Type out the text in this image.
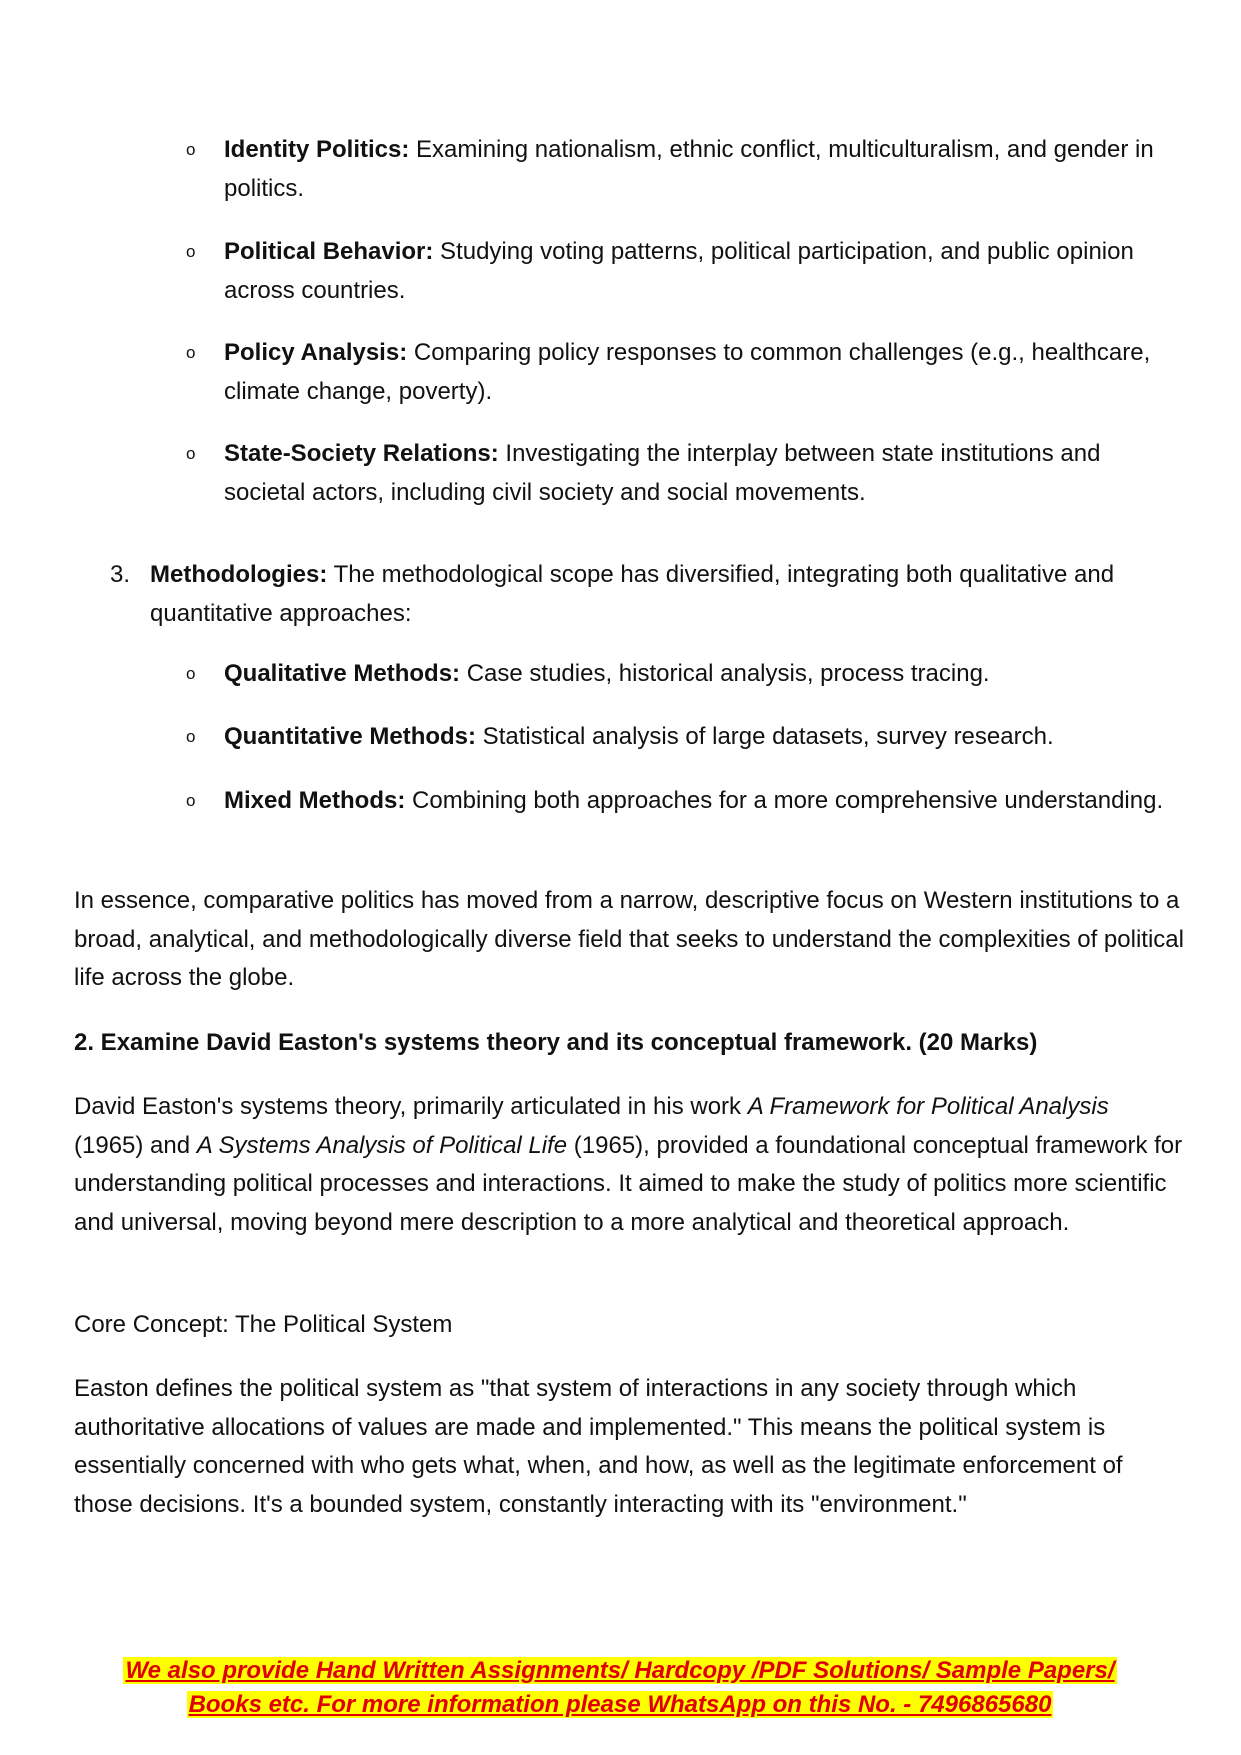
o Identity Politics: Examining nationalism, ethnic conflict, multiculturalism, and gender in politics.

o Political Behavior: Studying voting patterns, political participation, and public opinion across countries.

o Policy Analysis: Comparing policy responses to common challenges (e.g., healthcare, climate change, poverty).

o State-Society Relations: Investigating the interplay between state institutions and societal actors, including civil society and social movements.

3. Methodologies: The methodological scope has diversified, integrating both qualitative and quantitative approaches:

o Qualitative Methods: Case studies, historical analysis, process tracing.

o Quantitative Methods: Statistical analysis of large datasets, survey research.

o Mixed Methods: Combining both approaches for a more comprehensive understanding.

In essence, comparative politics has moved from a narrow, descriptive focus on Western institutions to a broad, analytical, and methodologically diverse field that seeks to understand the complexities of political life across the globe.

2. Examine David Easton's systems theory and its conceptual framework. (20 Marks)

David Easton's systems theory, primarily articulated in his work A Framework for Political Analysis (1965) and A Systems Analysis of Political Life (1965), provided a foundational conceptual framework for understanding political processes and interactions. It aimed to make the study of politics more scientific and universal, moving beyond mere description to a more analytical and theoretical approach.

Core Concept: The Political System

Easton defines the political system as "that system of interactions in any society through which authoritative allocations of values are made and implemented." This means the political system is essentially concerned with who gets what, when, and how, as well as the legitimate enforcement of those decisions. It's a bounded system, constantly interacting with its "environment."

We also provide Hand Written Assignments/ Hardcopy /PDF Solutions/ Sample Papers/
Books etc. For more information please WhatsApp on this No. - 7496865680
